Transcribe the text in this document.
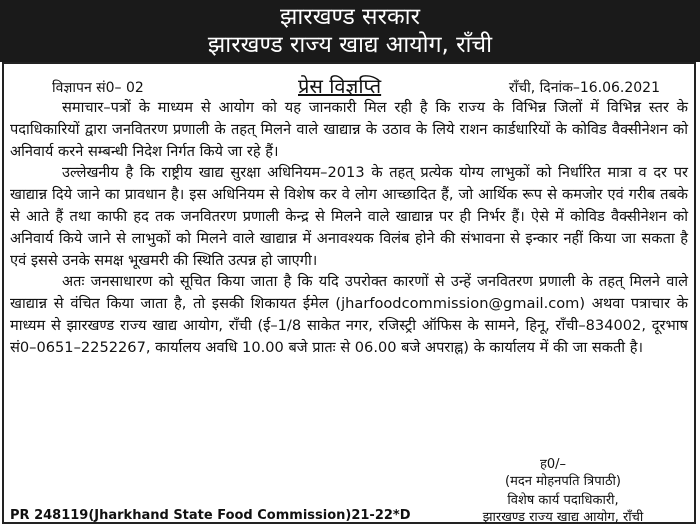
झारखण्ड सरकार
झारखण्ड राज्य खाद्य आयोग, राँची
विज्ञापन सं0– 02	प्रेस विज्ञप्ति	राँची, दिनांक–16.06.2021

समाचार–पत्रों के माध्यम से आयोग को यह जानकारी मिल रही है कि राज्य के विभिन्न जिलों में विभिन्न स्तर के पदाधिकारियों द्वारा जनवितरण प्रणाली के तहत् मिलने वाले खाद्यान्न के उठाव के लिये राशन कार्डधारियों के कोविड वैक्सीनेशन को अनिवार्य करने सम्बन्धी निदेश निर्गत किये जा रहे हैं।

उल्लेखनीय है कि राष्ट्रीय खाद्य सुरक्षा अधिनियम–2013 के तहत् प्रत्येक योग्य लाभुकों को निर्धारित मात्रा व दर पर खाद्यान्न दिये जाने का प्रावधान है। इस अधिनियम से विशेष कर वे लोग आच्छादित हैं, जो आर्थिक रूप से कमजोर एवं गरीब तबके से आते हैं तथा काफी हद तक जनवितरण प्रणाली केन्द्र से मिलने वाले खाद्यान्न पर ही निर्भर हैं। ऐसे में कोविड वैक्सीनेशन को अनिवार्य किये जाने से लाभुकों को मिलने वाले खाद्यान्न में अनावश्यक विलंब होने की संभावना से इन्कार नहीं किया जा सकता है एवं इससे उनके समक्ष भूखमरी की स्थिति उत्पन्न हो जाएगी।

अतः जनसाधारण को सूचित किया जाता है कि यदि उपरोक्त कारणों से उन्हें जनवितरण प्रणाली के तहत् मिलने वाले खाद्यान्न से वंचित किया जाता है, तो इसकी शिकायत ईमेल (jharfoodcommission@gmail.com) अथवा पत्राचार के माध्यम से झारखण्ड राज्य खाद्य आयोग, राँची (ई–1/8 साकेत नगर, रजिस्ट्री ऑफिस के सामने, हिनू, राँची–834002, दूरभाष सं0–0651–2252267, कार्यालय अवधि 10.00 बजे प्रातः से 06.00 बजे अपराह्न) के कार्यालय में की जा सकती है।

ह0/–
(मदन मोहनपति त्रिपाठी)
विशेष कार्य पदाधिकारी,
झारखण्ड राज्य खाद्य आयोग, राँची
PR 248119(Jharkhand State Food Commission)21-22*D
